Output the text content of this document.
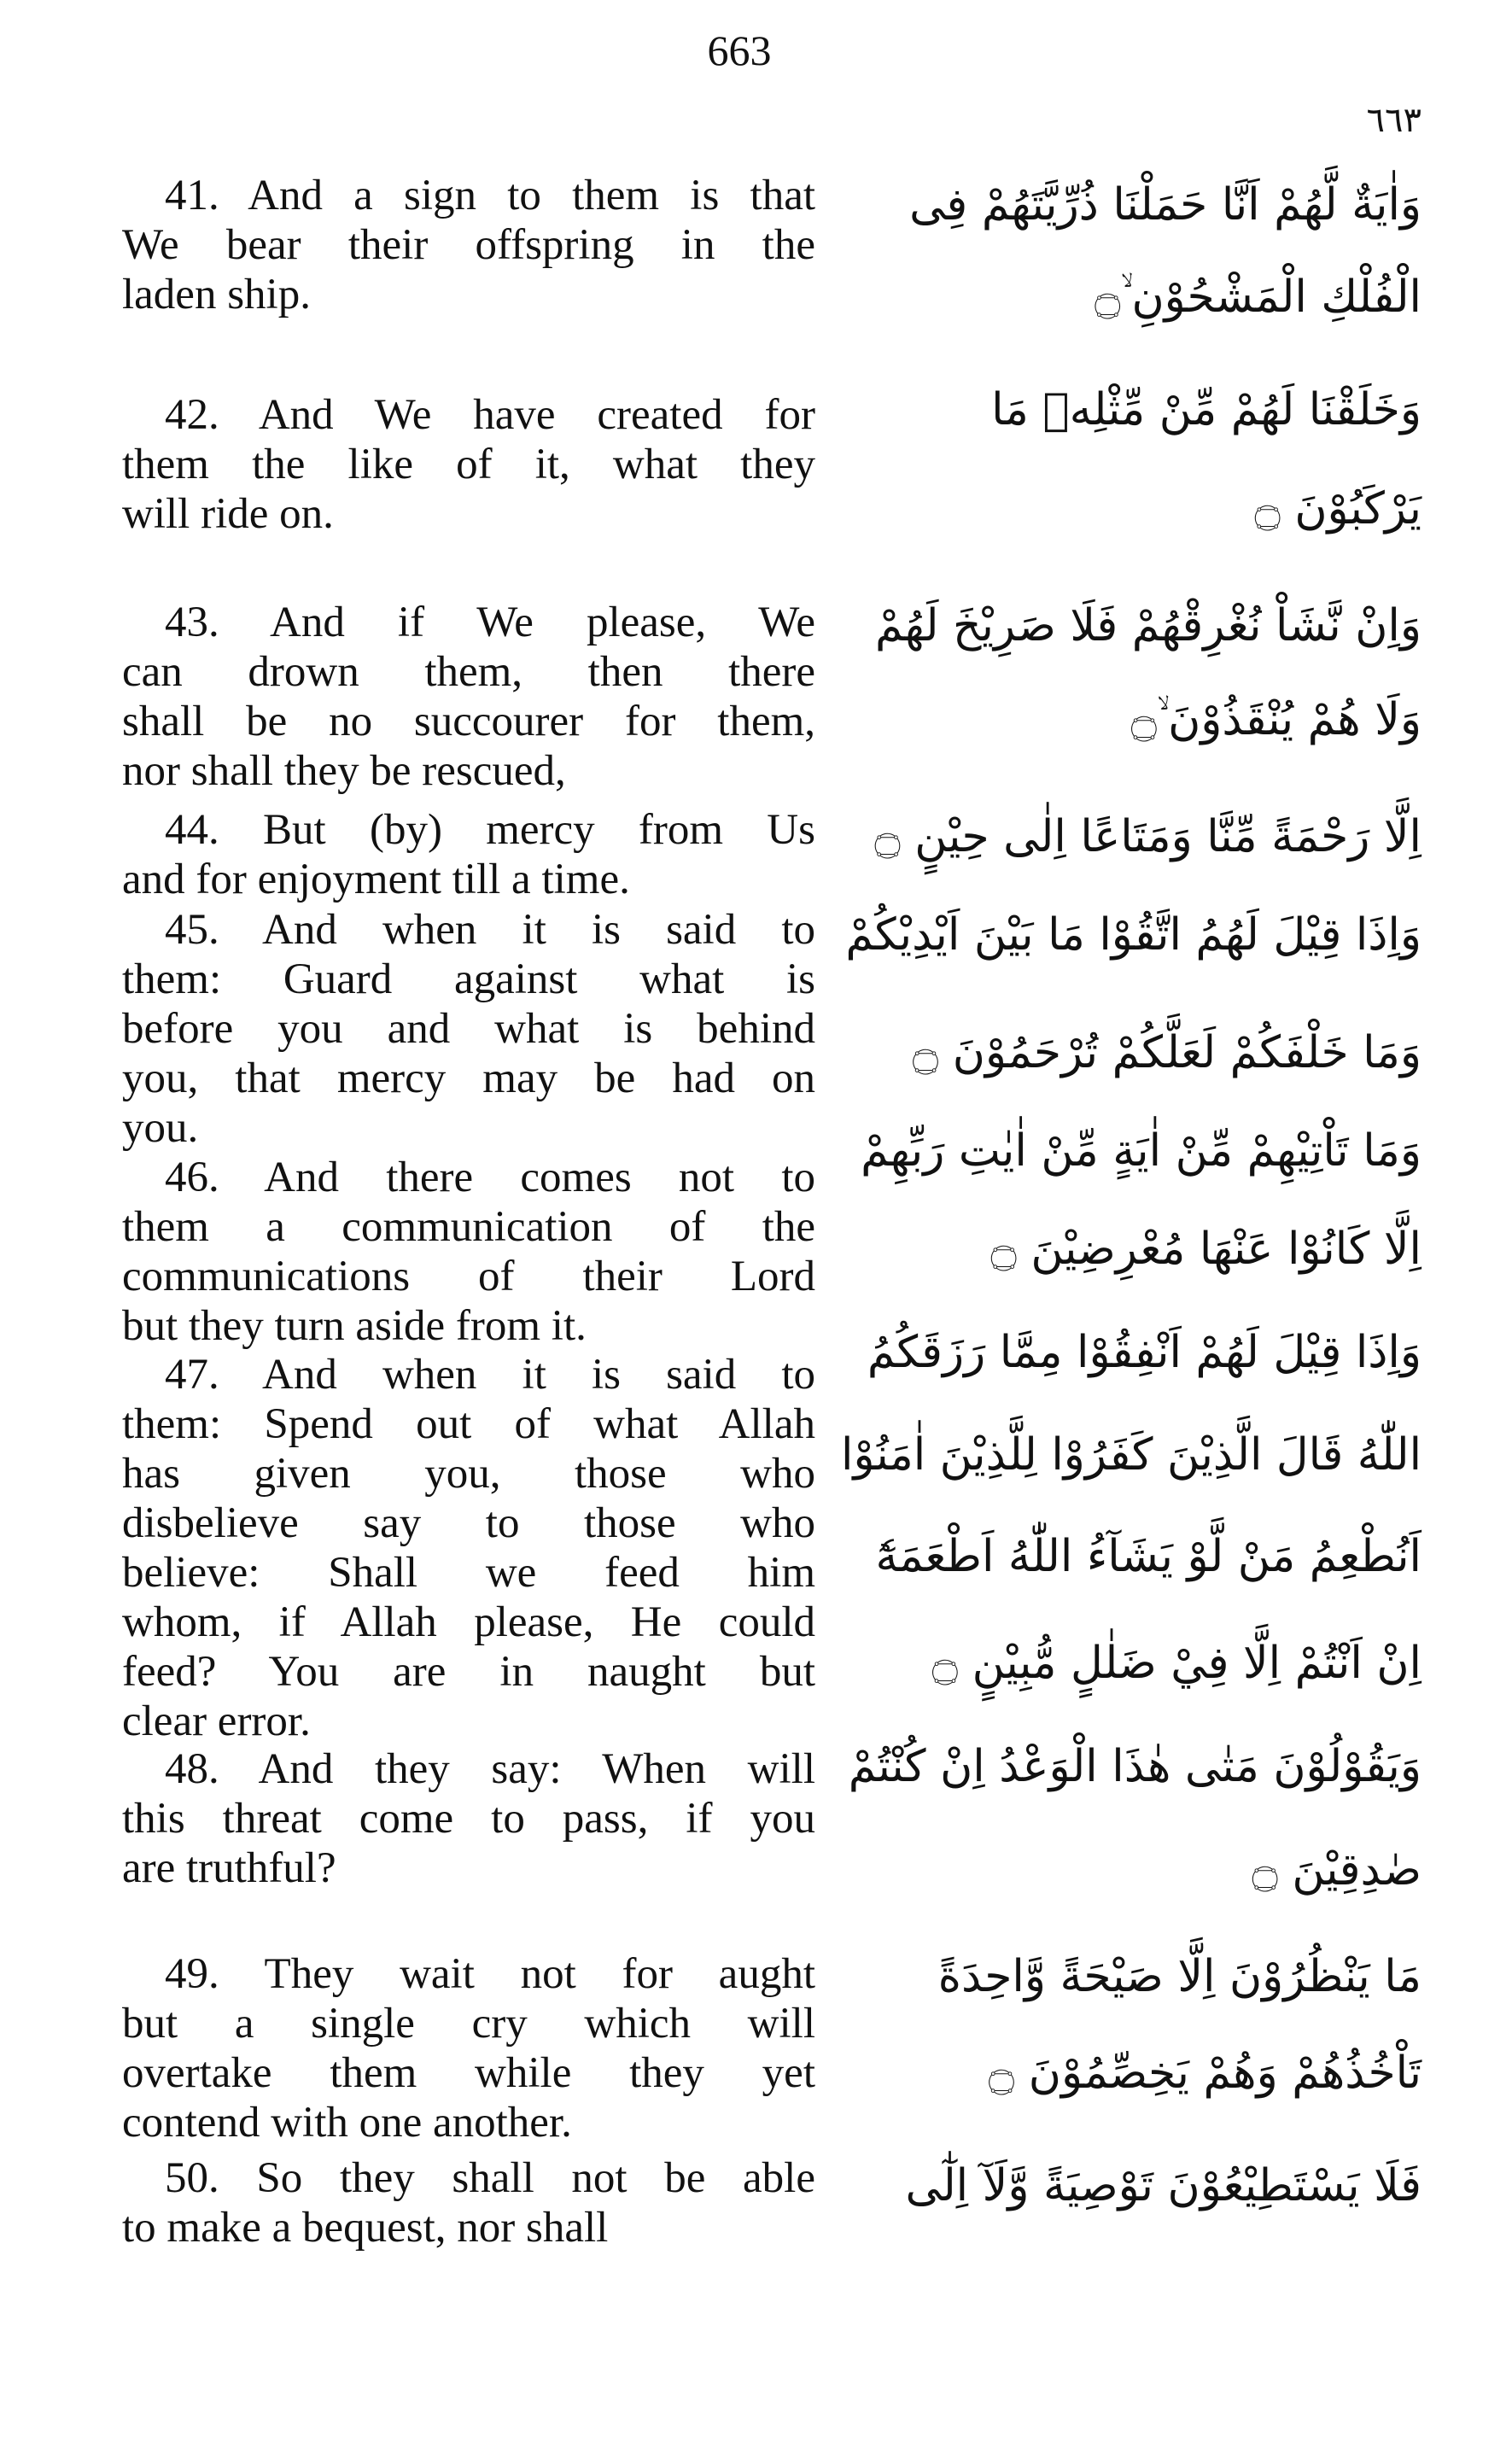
663
٦٦٣
41. And a sign to them is that
We bear their offspring in the
laden ship.
42. And We have created for
them the like of it, what they
will ride on.
43. And if We please, We
can drown them, then there
shall be no succourer for them,
nor shall they be rescued,
44. But (by) mercy from Us
and for enjoyment till a time.
45. And when it is said to
them: Guard against what is
before you and what is behind
you, that mercy may be had on
you.
46. And there comes not to
them a communication of the
communications of their Lord
but they turn aside from it.
47. And when it is said to
them: Spend out of what Allah
has given you, those who
disbelieve say to those who
believe: Shall we feed him
whom, if Allah please, He could
feed? You are in naught but
clear error.
48. And they say: When will
this threat come to pass, if you
are truthful?
49. They wait not for aught
but a single cry which will
overtake them while they yet
contend with one another.
50. So they shall not be able
to make a bequest, nor shall
وَاٰيَةٌ لَّهُمْ اَنَّا حَمَلْنَا ذُرِّيَّتَهُمْ فِى
الْفُلْكِ الْمَشْحُوْنِ ۙ۝
وَخَلَقْنَا لَهُمْ مِّنْ مِّثْلِهٖ مَا
يَرْكَبُوْنَ ۝
وَاِنْ نَّشَاْ نُغْرِقْهُمْ فَلَا صَرِيْخَ لَهُمْ
وَلَا هُمْ يُنْقَذُوْنَ ۙ۝
اِلَّا رَحْمَةً مِّنَّا وَمَتَاعًا اِلٰى حِيْنٍ ۝
وَاِذَا قِيْلَ لَهُمُ اتَّقُوْا مَا بَيْنَ اَيْدِيْكُمْ
وَمَا خَلْفَكُمْ لَعَلَّكُمْ تُرْحَمُوْنَ ۝
وَمَا تَاْتِيْهِمْ مِّنْ اٰيَةٍ مِّنْ اٰيٰتِ رَبِّهِمْ
اِلَّا كَانُوْا عَنْهَا مُعْرِضِيْنَ ۝
وَاِذَا قِيْلَ لَهُمْ اَنْفِقُوْا مِمَّا رَزَقَكُمُ
اللّٰهُ قَالَ الَّذِيْنَ كَفَرُوْا لِلَّذِيْنَ اٰمَنُوْا
اَنُطْعِمُ مَنْ لَّوْ يَشَآءُ اللّٰهُ اَطْعَمَهٗٓ
اِنْ اَنْتُمْ اِلَّا فِيْ ضَلٰلٍ مُّبِيْنٍ ۝
وَيَقُوْلُوْنَ مَتٰى هٰذَا الْوَعْدُ اِنْ كُنْتُمْ
صٰدِقِيْنَ ۝
مَا يَنْظُرُوْنَ اِلَّا صَيْحَةً وَّاحِدَةً
تَاْخُذُهُمْ وَهُمْ يَخِصِّمُوْنَ ۝
فَلَا يَسْتَطِيْعُوْنَ تَوْصِيَةً وَّلَآ اِلٰٓى
